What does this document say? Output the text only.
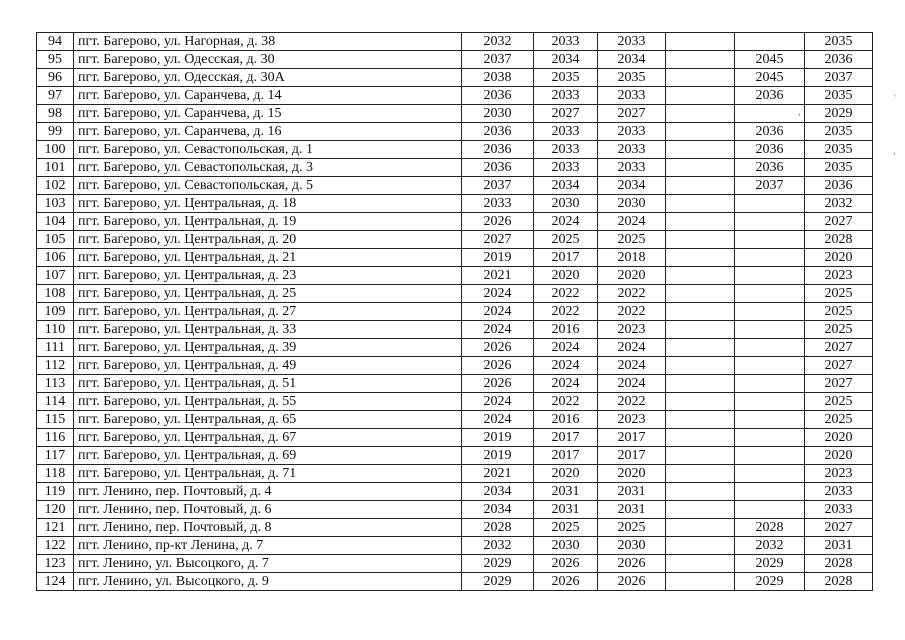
94	пгт. Багерово, ул. Нагорная, д. 38	2032	2033	2033			2035
95	пгт. Багерово, ул. Одесская, д. 30	2037	2034	2034		2045	2036
96	пгт. Багерово, ул. Одесская, д. 30А	2038	2035	2035		2045	2037
97	пгт. Багерово, ул. Саранчева, д. 14	2036	2033	2033		2036	2035
98	пгт. Багерово, ул. Саранчева, д. 15	2030	2027	2027			2029
99	пгт. Багерово, ул. Саранчева, д. 16	2036	2033	2033		2036	2035
100	пгт. Багерово, ул. Севастопольская, д. 1	2036	2033	2033		2036	2035
101	пгт. Багерово, ул. Севастопольская, д. 3	2036	2033	2033		2036	2035
102	пгт. Багерово, ул. Севастопольская, д. 5	2037	2034	2034		2037	2036
103	пгт. Багерово, ул. Центральная, д. 18	2033	2030	2030			2032
104	пгт. Багерово, ул. Центральная, д. 19	2026	2024	2024			2027
105	пгт. Багерово, ул. Центральная, д. 20	2027	2025	2025			2028
106	пгт. Багерово, ул. Центральная, д. 21	2019	2017	2018			2020
107	пгт. Багерово, ул. Центральная, д. 23	2021	2020	2020			2023
108	пгт. Багерово, ул. Центральная, д. 25	2024	2022	2022			2025
109	пгт. Багерово, ул. Центральная, д. 27	2024	2022	2022			2025
110	пгт. Багерово, ул. Центральная, д. 33	2024	2016	2023			2025
111	пгт. Багерово, ул. Центральная, д. 39	2026	2024	2024			2027
112	пгт. Багерово, ул. Центральная, д. 49	2026	2024	2024			2027
113	пгт. Багерово, ул. Центральная, д. 51	2026	2024	2024			2027
114	пгт. Багерово, ул. Центральная, д. 55	2024	2022	2022			2025
115	пгт. Багерово, ул. Центральная, д. 65	2024	2016	2023			2025
116	пгт. Багерово, ул. Центральная, д. 67	2019	2017	2017			2020
117	пгт. Багерово, ул. Центральная, д. 69	2019	2017	2017			2020
118	пгт. Багерово, ул. Центральная, д. 71	2021	2020	2020			2023
119	пгт. Ленино, пер. Почтовый, д. 4	2034	2031	2031			2033
120	пгт. Ленино, пер. Почтовый, д. 6	2034	2031	2031			2033
121	пгт. Ленино, пер. Почтовый, д. 8	2028	2025	2025		2028	2027
122	пгт. Ленино, пр-кт Ленина, д. 7	2032	2030	2030		2032	2031
123	пгт. Ленино, ул. Высоцкого, д. 7	2029	2026	2026		2029	2028
124	пгт. Ленино, ул. Высоцкого, д. 9	2029	2026	2026		2029	2028
`
,
'
